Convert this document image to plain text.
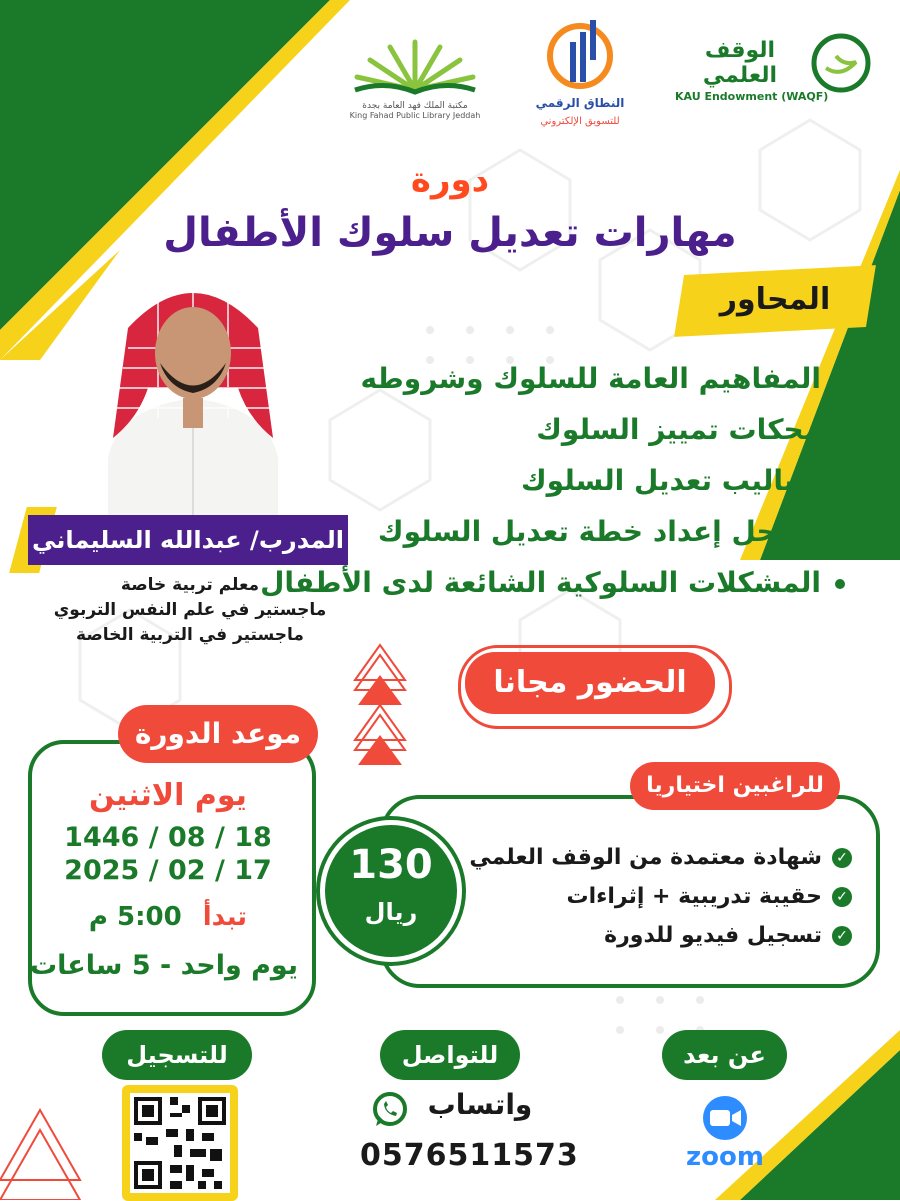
مكتبة الملك فهد العامة بجدة
King Fahad Public Library Jeddah
النطاق الرقمي
للتسويق الإلكتروني
الوقف العلمي
KAU Endowment (WAQF)
دورة
مهارات تعديل سلوك الأطفال
المحاور
المفاهيم العامة للسلوك وشروطه
محكات تمييز السلوك
أساليب تعديل السلوك
مراحل إعداد خطة تعديل السلوك
المشكلات السلوكية الشائعة لدى الأطفال
المدرب/ عبدالله السليماني
معلم تربية خاصة
ماجستير في علم النفس التربوي
ماجستير في التربية الخاصة
الحضور مجانا
موعد الدورة
يوم الاثنين
18 / 08 / 1446
17 / 02 / 2025
تبدأ 5:00 م
يوم واحد - 5 ساعات
للراغبين اختياريا
✓شهادة معتمدة من الوقف العلمي
✓حقيبة تدريبية + إثراءات
✓تسجيل فيديو للدورة
130
ريال
للتسجيل	للتواصل
واتساب
0576511573
عن بعد
zoom
